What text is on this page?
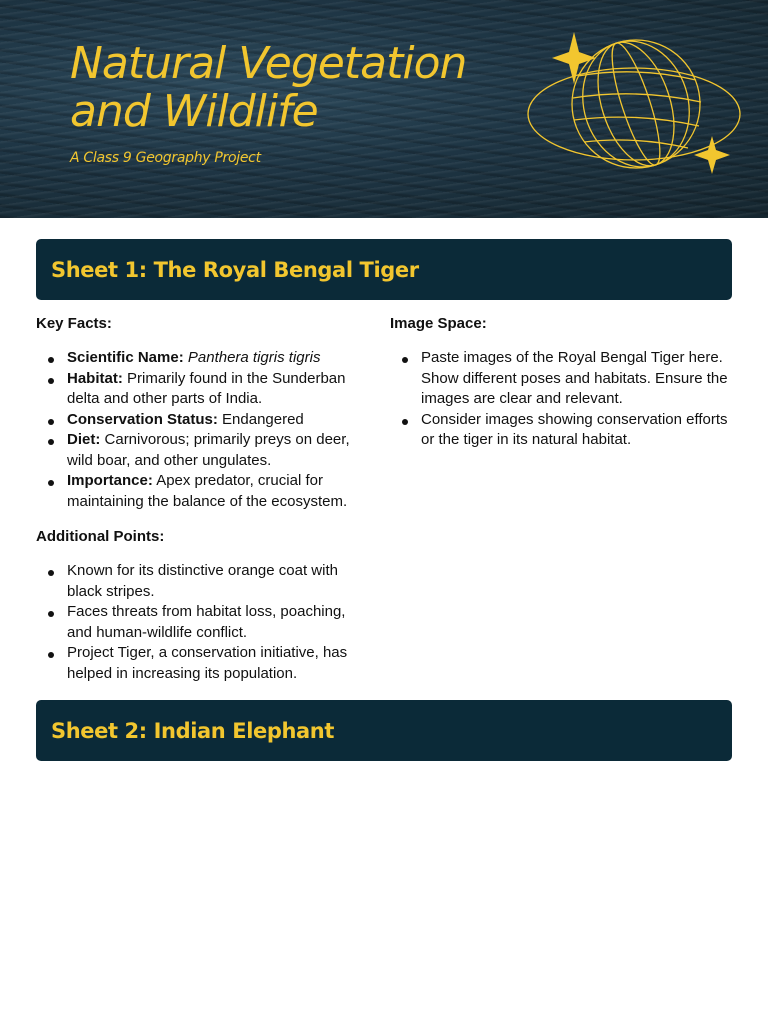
Natural Vegetation and Wildlife

A Class 9 Geography Project

Sheet 1: The Royal Bengal Tiger
Key Facts:
Scientific Name: Panthera tigris tigris
Habitat: Primarily found in the Sunderban delta and other parts of India.
Conservation Status: Endangered
Diet: Carnivorous; primarily preys on deer, wild boar, and other ungulates.
Importance: Apex predator, crucial for maintaining the balance of the ecosystem.
Additional Points:
Known for its distinctive orange coat with black stripes.
Faces threats from habitat loss, poaching, and human-wildlife conflict.
Project Tiger, a conservation initiative, has helped in increasing its population.
Image Space:
Paste images of the Royal Bengal Tiger here. Show different poses and habitats. Ensure the images are clear and relevant.
Consider images showing conservation efforts or the tiger in its natural habitat.
Sheet 2: Indian Elephant
